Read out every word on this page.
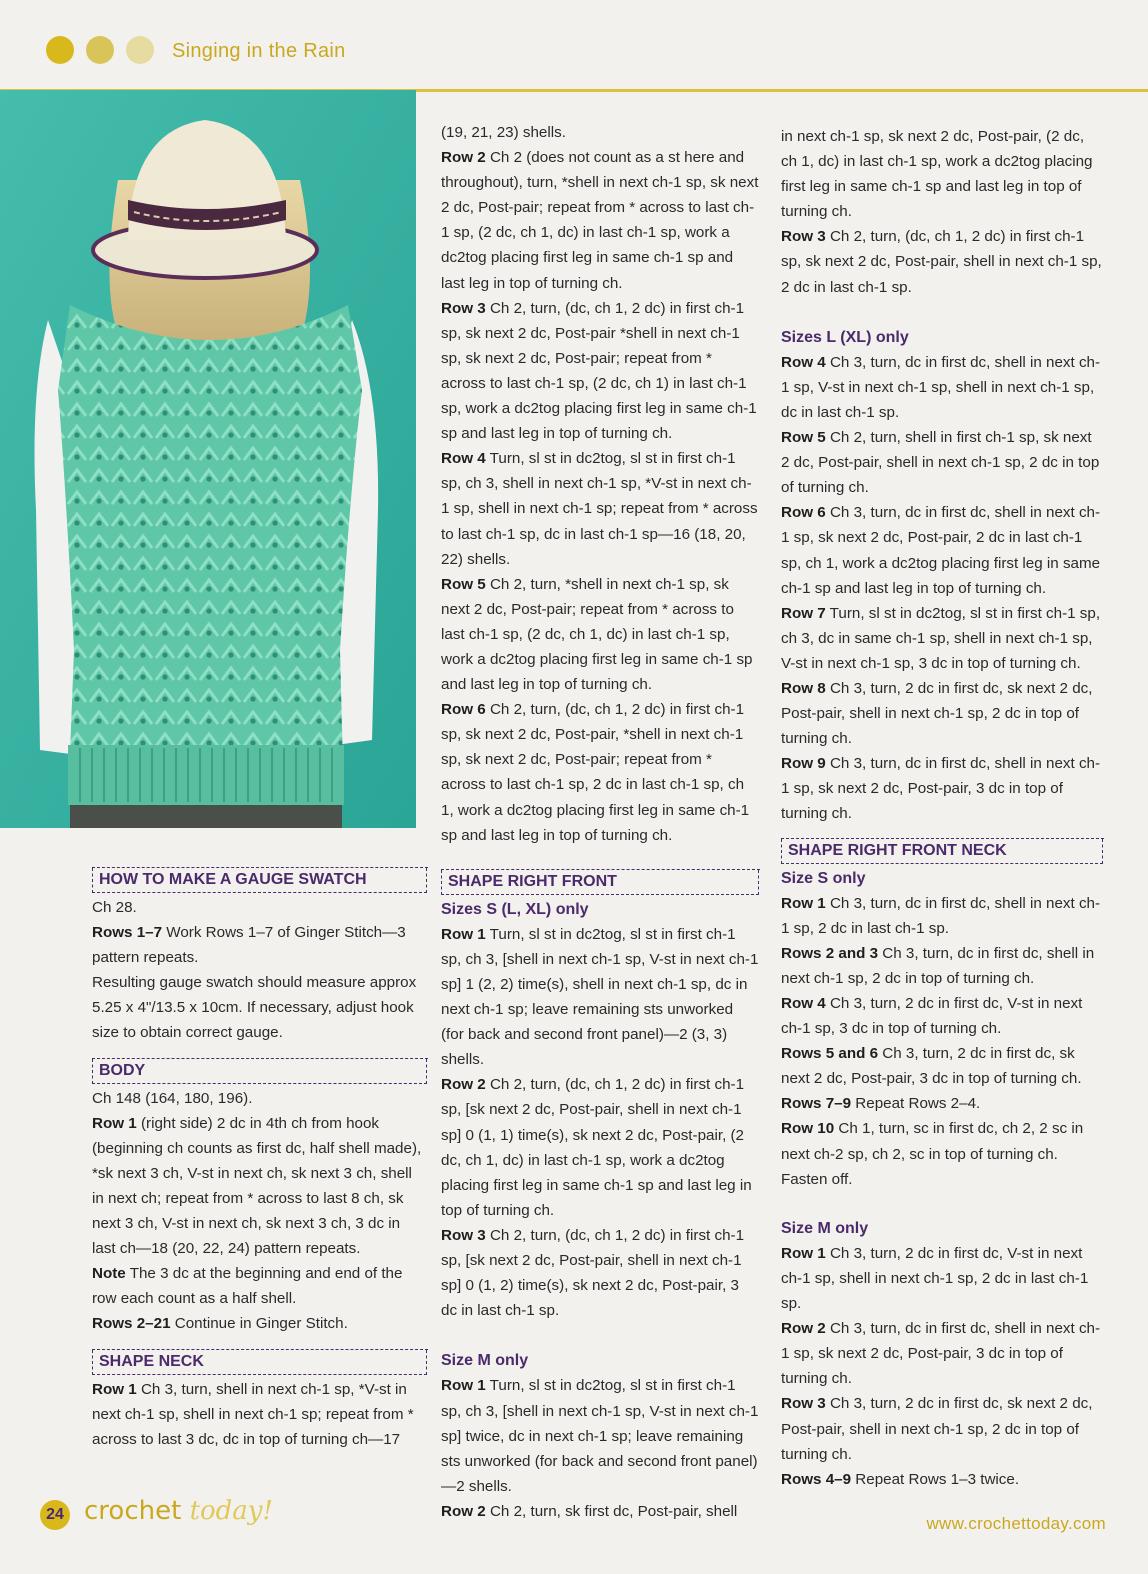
Singing in the Rain
HOW TO MAKE A GAUGE SWATCH

Ch 28.

Rows 1–7 Work Rows 1–7 of Ginger Stitch—3 pattern repeats.

Resulting gauge swatch should measure approx 5.25 x 4"/13.5 x 10cm. If necessary, adjust hook size to obtain correct gauge.

BODY

Ch 148 (164, 180, 196).

Row 1 (right side) 2 dc in 4th ch from hook (beginning ch counts as first dc, half shell made), *sk next 3 ch, V-st in next ch, sk next 3 ch, shell in next ch; repeat from * across to last 8 ch, sk next 3 ch, V-st in next ch, sk next 3 ch, 3 dc in last ch—18 (20, 22, 24) pattern repeats.

Note The 3 dc at the beginning and end of the row each count as a half shell.

Rows 2–21 Continue in Ginger Stitch.

SHAPE NECK

Row 1 Ch 3, turn, shell in next ch-1 sp, *V-st in next ch-1 sp, shell in next ch-1 sp; repeat from * across to last 3 dc, dc in top of turning ch—17

(19, 21, 23) shells.

Row 2 Ch 2 (does not count as a st here and throughout), turn, *shell in next ch-1 sp, sk next 2 dc, Post-pair; repeat from * across to last ch-1 sp, (2 dc, ch 1, dc) in last ch-1 sp, work a dc2tog placing first leg in same ch-1 sp and last leg in top of turning ch.

Row 3 Ch 2, turn, (dc, ch 1, 2 dc) in first ch-1 sp, sk next 2 dc, Post-pair *shell in next ch-1 sp, sk next 2 dc, Post-pair; repeat from * across to last ch-1 sp, (2 dc, ch 1) in last ch-1 sp, work a dc2tog placing first leg in same ch-1 sp and last leg in top of turning ch.

Row 4 Turn, sl st in dc2tog, sl st in first ch-1 sp, ch 3, shell in next ch-1 sp, *V-st in next ch-1 sp, shell in next ch-1 sp; repeat from * across to last ch-1 sp, dc in last ch-1 sp—16 (18, 20, 22) shells.

Row 5 Ch 2, turn, *shell in next ch-1 sp, sk next 2 dc, Post-pair; repeat from * across to last ch-1 sp, (2 dc, ch 1, dc) in last ch-1 sp, work a dc2tog placing first leg in same ch-1 sp and last leg in top of turning ch.

Row 6 Ch 2, turn, (dc, ch 1, 2 dc) in first ch-1 sp, sk next 2 dc, Post-pair, *shell in next ch-1 sp, sk next 2 dc, Post-pair; repeat from * across to last ch-1 sp, 2 dc in last ch-1 sp, ch 1, work a dc2tog placing first leg in same ch-1 sp and last leg in top of turning ch.

SHAPE RIGHT FRONT

Sizes S (L, XL) only

Row 1 Turn, sl st in dc2tog, sl st in first ch-1 sp, ch 3, [shell in next ch-1 sp, V-st in next ch-1 sp] 1 (2, 2) time(s), shell in next ch-1 sp, dc in next ch-1 sp; leave remaining sts unworked (for back and second front panel)—2 (3, 3) shells.

Row 2 Ch 2, turn, (dc, ch 1, 2 dc) in first ch-1 sp, [sk next 2 dc, Post-pair, shell in next ch-1 sp] 0 (1, 1) time(s), sk next 2 dc, Post-pair, (2 dc, ch 1, dc) in last ch-1 sp, work a dc2tog placing first leg in same ch-1 sp and last leg in top of turning ch.

Row 3 Ch 2, turn, (dc, ch 1, 2 dc) in first ch-1 sp, [sk next 2 dc, Post-pair, shell in next ch-1 sp] 0 (1, 2) time(s), sk next 2 dc, Post-pair, 3 dc in last ch-1 sp.

Size M only

Row 1 Turn, sl st in dc2tog, sl st in first ch-1 sp, ch 3, [shell in next ch-1 sp, V-st in next ch-1 sp] twice, dc in next ch-1 sp; leave remaining sts unworked (for back and second front panel)—2 shells.

Row 2 Ch 2, turn, sk first dc, Post-pair, shell

in next ch-1 sp, sk next 2 dc, Post-pair, (2 dc, ch 1, dc) in last ch-1 sp, work a dc2tog placing first leg in same ch-1 sp and last leg in top of turning ch.

Row 3 Ch 2, turn, (dc, ch 1, 2 dc) in first ch-1 sp, sk next 2 dc, Post-pair, shell in next ch-1 sp, 2 dc in last ch-1 sp.

Sizes L (XL) only

Row 4 Ch 3, turn, dc in first dc, shell in next ch-1 sp, V-st in next ch-1 sp, shell in next ch-1 sp, dc in last ch-1 sp.

Row 5 Ch 2, turn, shell in first ch-1 sp, sk next 2 dc, Post-pair, shell in next ch-1 sp, 2 dc in top of turning ch.

Row 6 Ch 3, turn, dc in first dc, shell in next ch-1 sp, sk next 2 dc, Post-pair, 2 dc in last ch-1 sp, ch 1, work a dc2tog placing first leg in same ch-1 sp and last leg in top of turning ch.

Row 7 Turn, sl st in dc2tog, sl st in first ch-1 sp, ch 3, dc in same ch-1 sp, shell in next ch-1 sp, V-st in next ch-1 sp, 3 dc in top of turning ch.

Row 8 Ch 3, turn, 2 dc in first dc, sk next 2 dc, Post-pair, shell in next ch-1 sp, 2 dc in top of turning ch.

Row 9 Ch 3, turn, dc in first dc, shell in next ch-1 sp, sk next 2 dc, Post-pair, 3 dc in top of turning ch.

SHAPE RIGHT FRONT NECK

Size S only

Row 1 Ch 3, turn, dc in first dc, shell in next ch-1 sp, 2 dc in last ch-1 sp.

Rows 2 and 3 Ch 3, turn, dc in first dc, shell in next ch-1 sp, 2 dc in top of turning ch.

Row 4 Ch 3, turn, 2 dc in first dc, V-st in next ch-1 sp, 3 dc in top of turning ch.

Rows 5 and 6 Ch 3, turn, 2 dc in first dc, sk next 2 dc, Post-pair, 3 dc in top of turning ch.

Rows 7–9 Repeat Rows 2–4.

Row 10 Ch 1, turn, sc in first dc, ch 2, 2 sc in next ch-2 sp, ch 2, sc in top of turning ch. Fasten off.

Size M only

Row 1 Ch 3, turn, 2 dc in first dc, V-st in next ch-1 sp, shell in next ch-1 sp, 2 dc in last ch-1 sp.

Row 2 Ch 3, turn, dc in first dc, shell in next ch-1 sp, sk next 2 dc, Post-pair, 3 dc in top of turning ch.

Row 3 Ch 3, turn, 2 dc in first dc, sk next 2 dc, Post-pair, shell in next ch-1 sp, 2 dc in top of turning ch.

Rows 4–9 Repeat Rows 1–3 twice.

24 crochet today!	www.crochettoday.com
